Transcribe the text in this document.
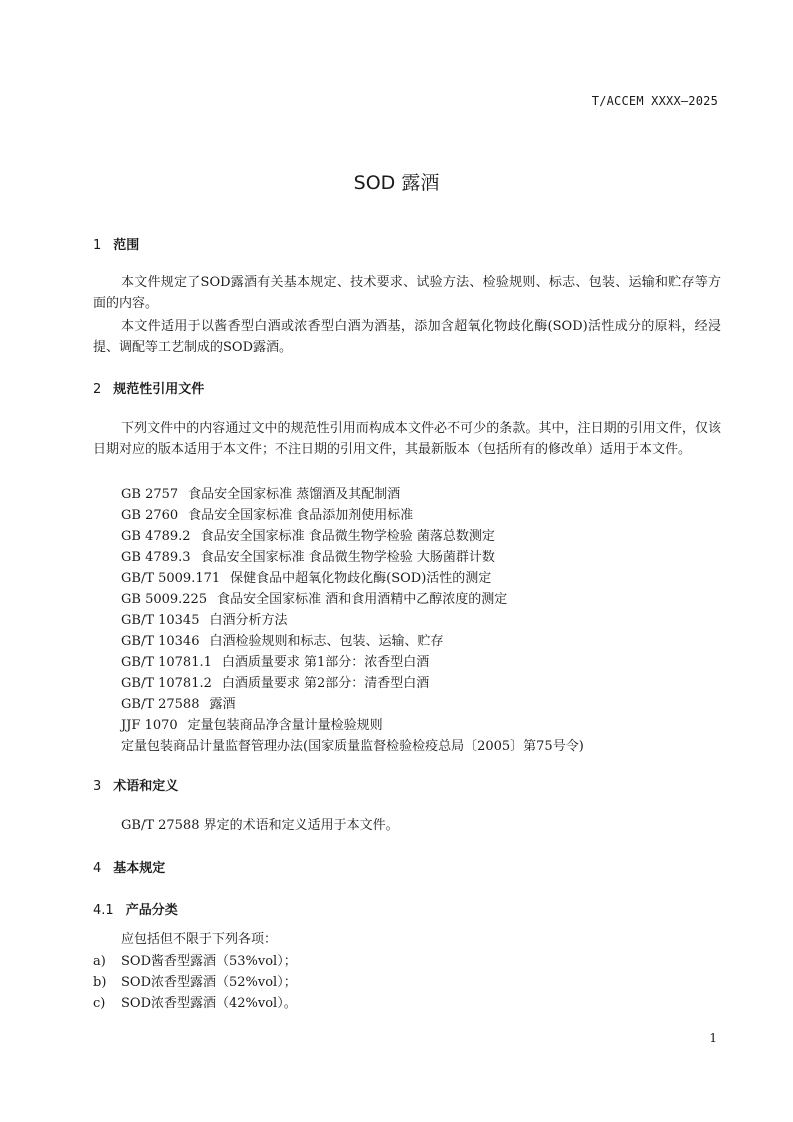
T/ACCEM XXXX—2025
SOD 露酒
1 范围
本文件规定了SOD露酒有关基本规定、技术要求、试验方法、检验规则、标志、包装、运输和贮存等方面的内容。
本文件适用于以酱香型白酒或浓香型白酒为酒基，添加含超氧化物歧化酶(SOD)活性成分的原料，经浸提、调配等工艺制成的SOD露酒。
2 规范性引用文件
下列文件中的内容通过文中的规范性引用而构成本文件必不可少的条款。其中，注日期的引用文件，仅该日期对应的版本适用于本文件；不注日期的引用文件，其最新版本（包括所有的修改单）适用于本文件。
GB 2757 食品安全国家标准 蒸馏酒及其配制酒
GB 2760 食品安全国家标准 食品添加剂使用标准
GB 4789.2 食品安全国家标准 食品微生物学检验 菌落总数测定
GB 4789.3 食品安全国家标准 食品微生物学检验 大肠菌群计数
GB/T 5009.171 保健食品中超氧化物歧化酶(SOD)活性的测定
GB 5009.225 食品安全国家标准 酒和食用酒精中乙醇浓度的测定
GB/T 10345 白酒分析方法
GB/T 10346 白酒检验规则和标志、包装、运输、贮存
GB/T 10781.1 白酒质量要求 第1部分：浓香型白酒
GB/T 10781.2 白酒质量要求 第2部分：清香型白酒
GB/T 27588 露酒
JJF 1070 定量包装商品净含量计量检验规则
定量包装商品计量监督管理办法(国家质量监督检验检疫总局〔2005〕第75号令)
3 术语和定义
GB/T 27588 界定的术语和定义适用于本文件。
4 基本规定
4.1 产品分类
应包括但不限于下列各项：
a) SOD酱香型露酒（53%vol）；
b) SOD浓香型露酒（52%vol）；
c) SOD浓香型露酒（42%vol）。
1
